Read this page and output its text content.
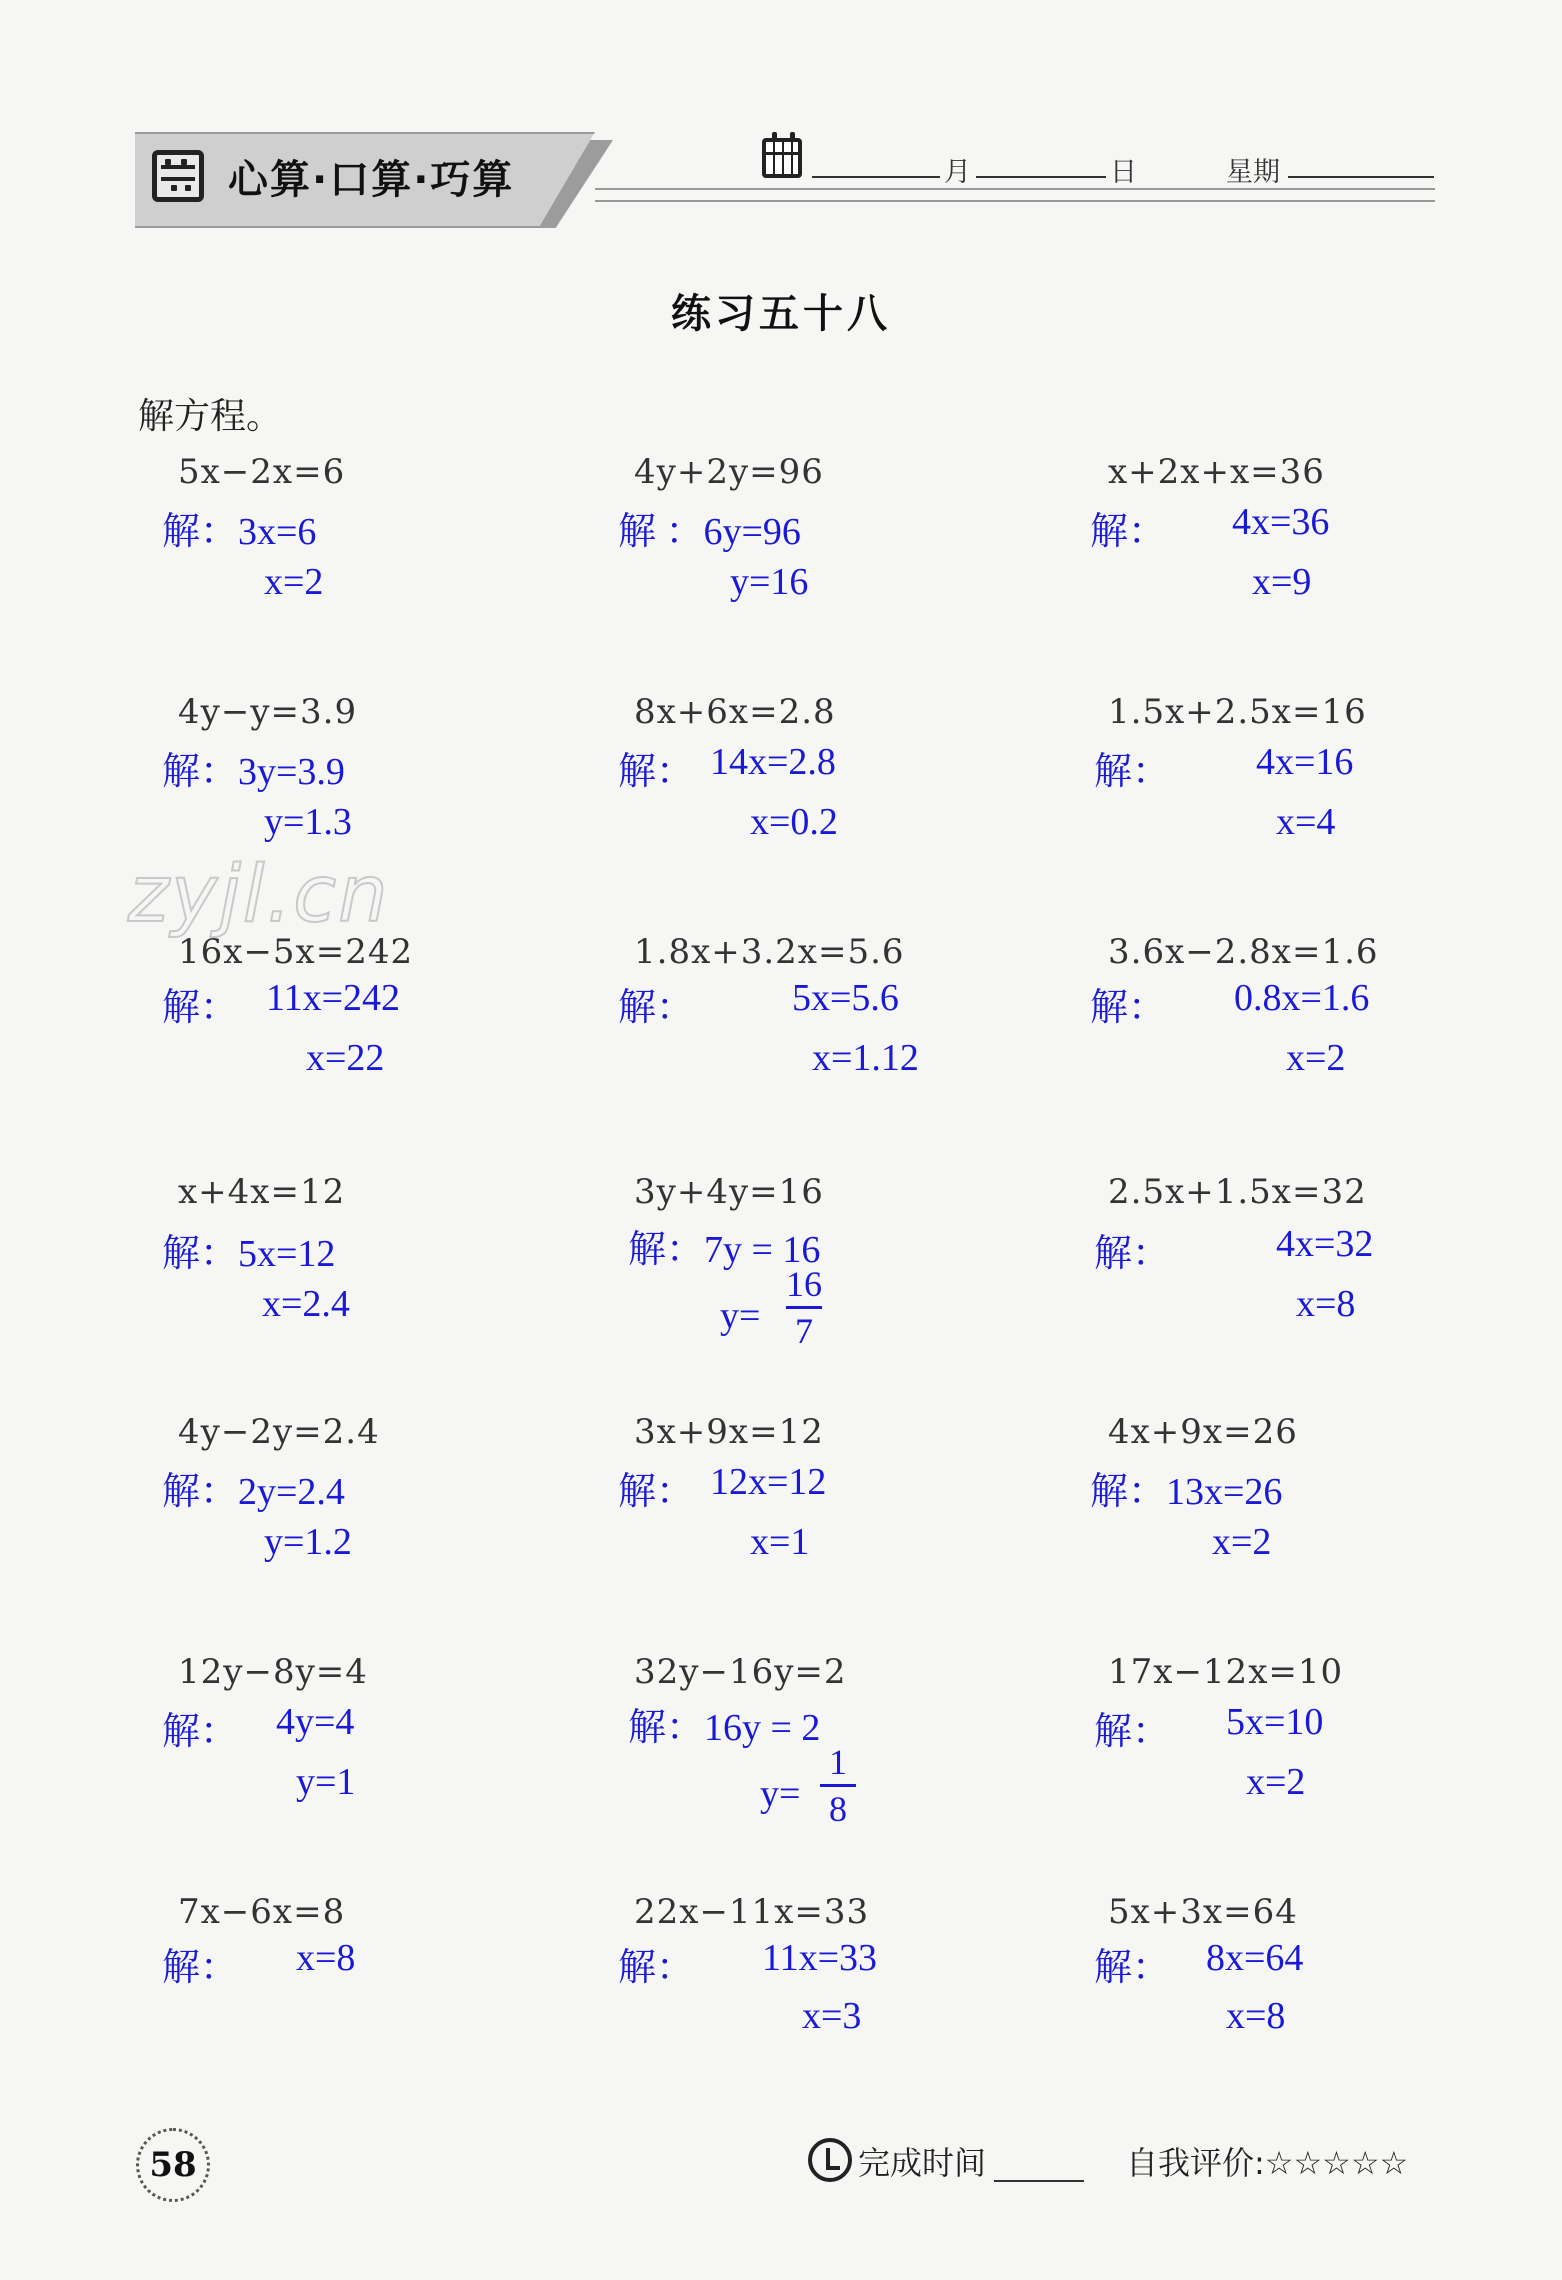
心算·口算·巧算	月	日	星期
练习五十八
解方程。
zyjl.cn
5x−2x=6
解：3x=6
x=2
4y+2y=96
解 ：6y=96
y=16
x+2x+x=36
解： 4x=36
x=9
4y−y=3.9
解：3y=3.9
y=1.3
8x+6x=2.8
解： 14x=2.8
x=0.2
1.5x+2.5x=16
解： 4x=16
x=4
16x−5x=242
解： 11x=242
x=22
1.8x+3.2x=5.6
解：	5x=5.6
x=1.12
3.6x−2.8x=1.6
解： 0.8x=1.6
x=2
x+4x=12
解：5x=12
x=2.4
3y+4y=16
解：7y = 16
y=
16
7
2.5x+1.5x=32
解：	4x=32
x=8
4y−2y=2.4
解：2y=2.4
y=1.2
3x+9x=12
解： 12x=12
x=1
4x+9x=26
解：13x=26
x=2
12y−8y=4
解： 4y=4
y=1
32y−16y=2
解：16y = 2
y=
1
8
17x−12x=10
解： 5x=10
x=2
7x−6x=8
解： x=8
22x−11x=33
解： 11x=33
x=3
5x+3x=64
解： 8x=64
x=8
58	完成时间	自我评价:☆☆☆☆☆
